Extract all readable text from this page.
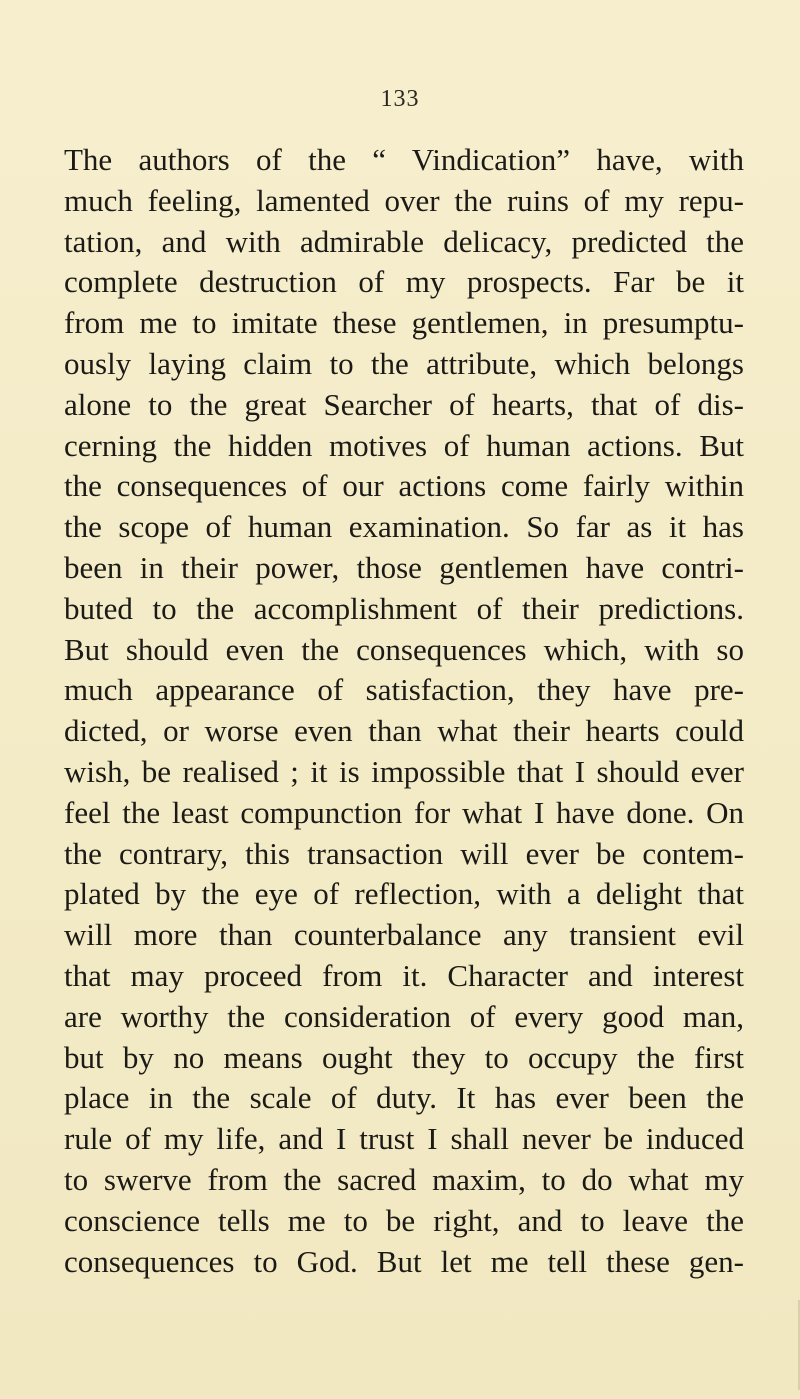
133
The authors of the “ Vindication” have, with
much feeling, lamented over the ruins of my repu-
tation, and with admirable delicacy, predicted the
complete destruction of my prospects. Far be it
from me to imitate these gentlemen, in presumptu-
ously laying claim to the attribute, which belongs
alone to the great Searcher of hearts, that of dis-
cerning the hidden motives of human actions. But
the consequences of our actions come fairly within
the scope of human examination. So far as it has
been in their power, those gentlemen have contri-
buted to the accomplishment of their predictions.
But should even the consequences which, with so
much appearance of satisfaction, they have pre-
dicted, or worse even than what their hearts could
wish, be realised ; it is impossible that I should ever
feel the least compunction for what I have done. On
the contrary, this transaction will ever be contem-
plated by the eye of reflection, with a delight that
will more than counterbalance any transient evil
that may proceed from it. Character and interest
are worthy the consideration of every good man,
but by no means ought they to occupy the first
place in the scale of duty. It has ever been the
rule of my life, and I trust I shall never be induced
to swerve from the sacred maxim, to do what my
conscience tells me to be right, and to leave the
consequences to God. But let me tell these gen-
